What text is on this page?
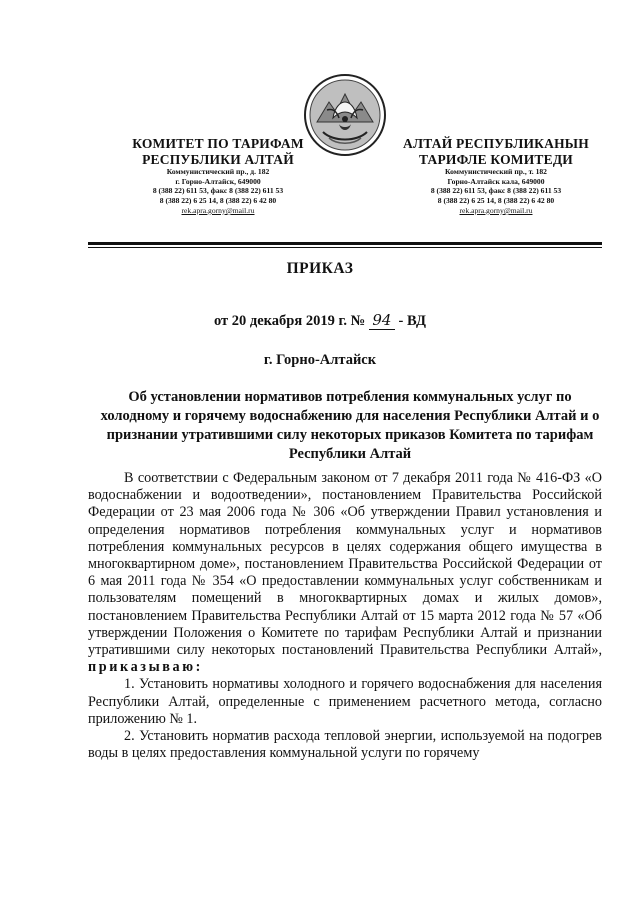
КОМИТЕТ ПО ТАРИФАМ
РЕСПУБЛИКИ АЛТАЙ
Коммунистический пр., д. 182
г. Горно-Алтайск, 649000
8 (388 22) 611 53, факс 8 (388 22) 611 53
8 (388 22) 6 25 14, 8 (388 22) 6 42 80
rek.apra.gorny@mail.ru
АЛТАЙ РЕСПУБЛИКАНЫН
ТАРИФЛЕ КОМИТЕДИ
Коммунистический пр., т. 182
Горно-Алтайск кала, 649000
8 (388 22) 611 53, факс 8 (388 22) 611 53
8 (388 22) 6 25 14, 8 (388 22) 6 42 80
rek.apra.gorny@mail.ru
ПРИКАЗ
от 20 декабря 2019 г. № 94 - ВД
г. Горно-Алтайск
Об установлении нормативов потребления коммунальных услуг по холодному и горячему водоснабжению для населения Республики Алтай и о признании утратившими силу некоторых приказов Комитета по тарифам Республики Алтай

В соответствии с Федеральным законом от 7 декабря 2011 года № 416-ФЗ «О водоснабжении и водоотведении», постановлением Правительства Российской Федерации от 23 мая 2006 года № 306 «Об утверждении Правил установления и определения нормативов потребления коммунальных услуг и нормативов потребления коммунальных ресурсов в целях содержания общего имущества в многоквартирном доме», постановлением Правительства Российской Федерации от 6 мая 2011 года № 354 «О предоставлении коммунальных услуг собственникам и пользователям помещений в многоквартирных домах и жилых домов», постановлением Правительства Республики Алтай от 15 марта 2012 года № 57 «Об утверждении Положения о Комитете по тарифам Республики Алтай и признании утратившими силу некоторых постановлений Правительства Республики Алтай», приказываю:

1. Установить нормативы холодного и горячего водоснабжения для населения Республики Алтай, определенные с применением расчетного метода, согласно приложению № 1.

2. Установить норматив расхода тепловой энергии, используемой на подогрев воды в целях предоставления коммунальной услуги по горячему
